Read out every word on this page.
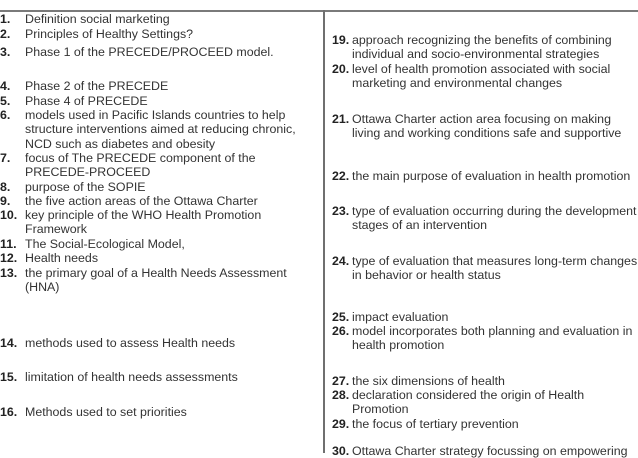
1. Definition social marketing
2. Principles of Healthy Settings?
3. Phase 1 of the PRECEDE/PROCEED model.
4. Phase 2 of the PRECEDE
5. Phase 4 of PRECEDE
6. models used in Pacific Islands countries to help
structure interventions aimed at reducing chronic,
NCD such as diabetes and obesity
7. focus of The PRECEDE component of the
PRECEDE-PROCEED
8. purpose of the SOPIE
9. the five action areas of the Ottawa Charter
10. key principle of the WHO Health Promotion
Framework
11. The Social-Ecological Model,
12. Health needs
13. the primary goal of a Health Needs Assessment
(HNA)
14. methods used to assess Health needs
15. limitation of health needs assessments
16. Methods used to set priorities
19. approach recognizing the benefits of combining
individual and socio-environmental strategies
20. level of health promotion associated with social
marketing and environmental changes
21. Ottawa Charter action area focusing on making
living and working conditions safe and supportive
22. the main purpose of evaluation in health promotion
23. type of evaluation occurring during the development
stages of an intervention
24. type of evaluation that measures long-term changes
in behavior or health status
25. impact evaluation
26. model incorporates both planning and evaluation in
health promotion
27. the six dimensions of health
28. declaration considered the origin of Health
Promotion
29. the focus of tertiary prevention
30. Ottawa Charter strategy focussing on empowering
